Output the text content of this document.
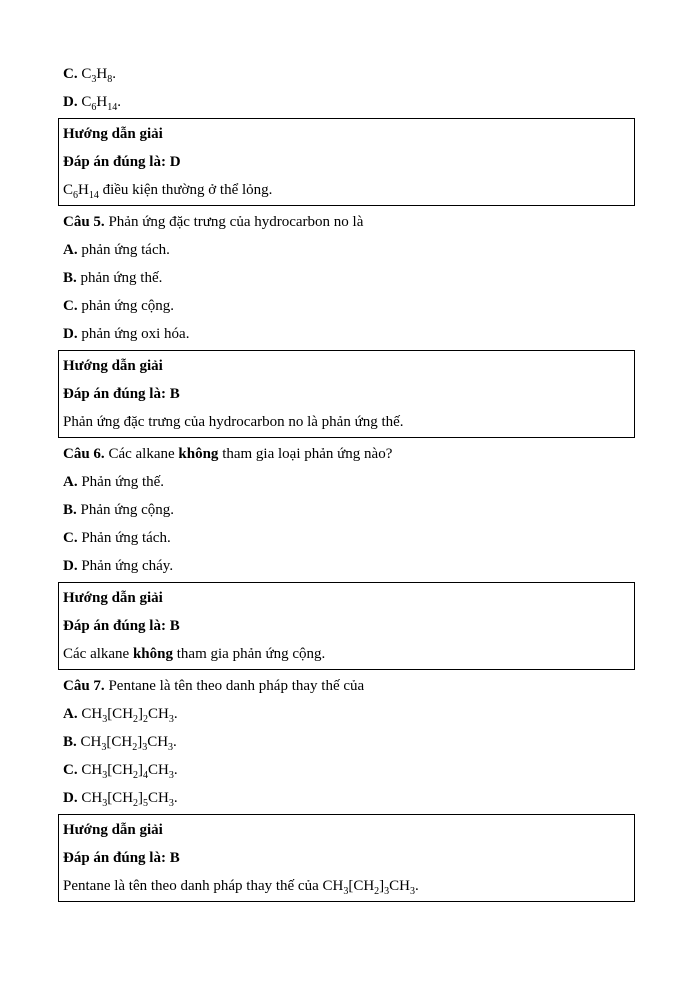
C. $C_3H_8$.

D. $C_6H_{14}$.

Hướng dẫn giải

Đáp án đúng là: D

$C_6H_{14}$ điều kiện thường ở thể lỏng.

Câu 5. Phản ứng đặc trưng của hydrocarbon no là

A. phản ứng tách.

B. phản ứng thế.

C. phản ứng cộng.

D. phản ứng oxi hóa.

Hướng dẫn giải

Đáp án đúng là: B

Phản ứng đặc trưng của hydrocarbon no là phản ứng thế.

Câu 6. Các alkane không tham gia loại phản ứng nào?

A. Phản ứng thế.

B. Phản ứng cộng.

C. Phản ứng tách.

D. Phản ứng cháy.

Hướng dẫn giải

Đáp án đúng là: B

Các alkane không tham gia phản ứng cộng.

Câu 7. Pentane là tên theo danh pháp thay thế của

A. $CH_3[CH_2]_2CH_3$.

B. $CH_3[CH_2]_3CH_3$.

C. $CH_3[CH_2]_4CH_3$.

D. $CH_3[CH_2]_5CH_3$.

Hướng dẫn giải

Đáp án đúng là: B

Pentane là tên theo danh pháp thay thế của $CH_3[CH_2]_3CH_3$.
